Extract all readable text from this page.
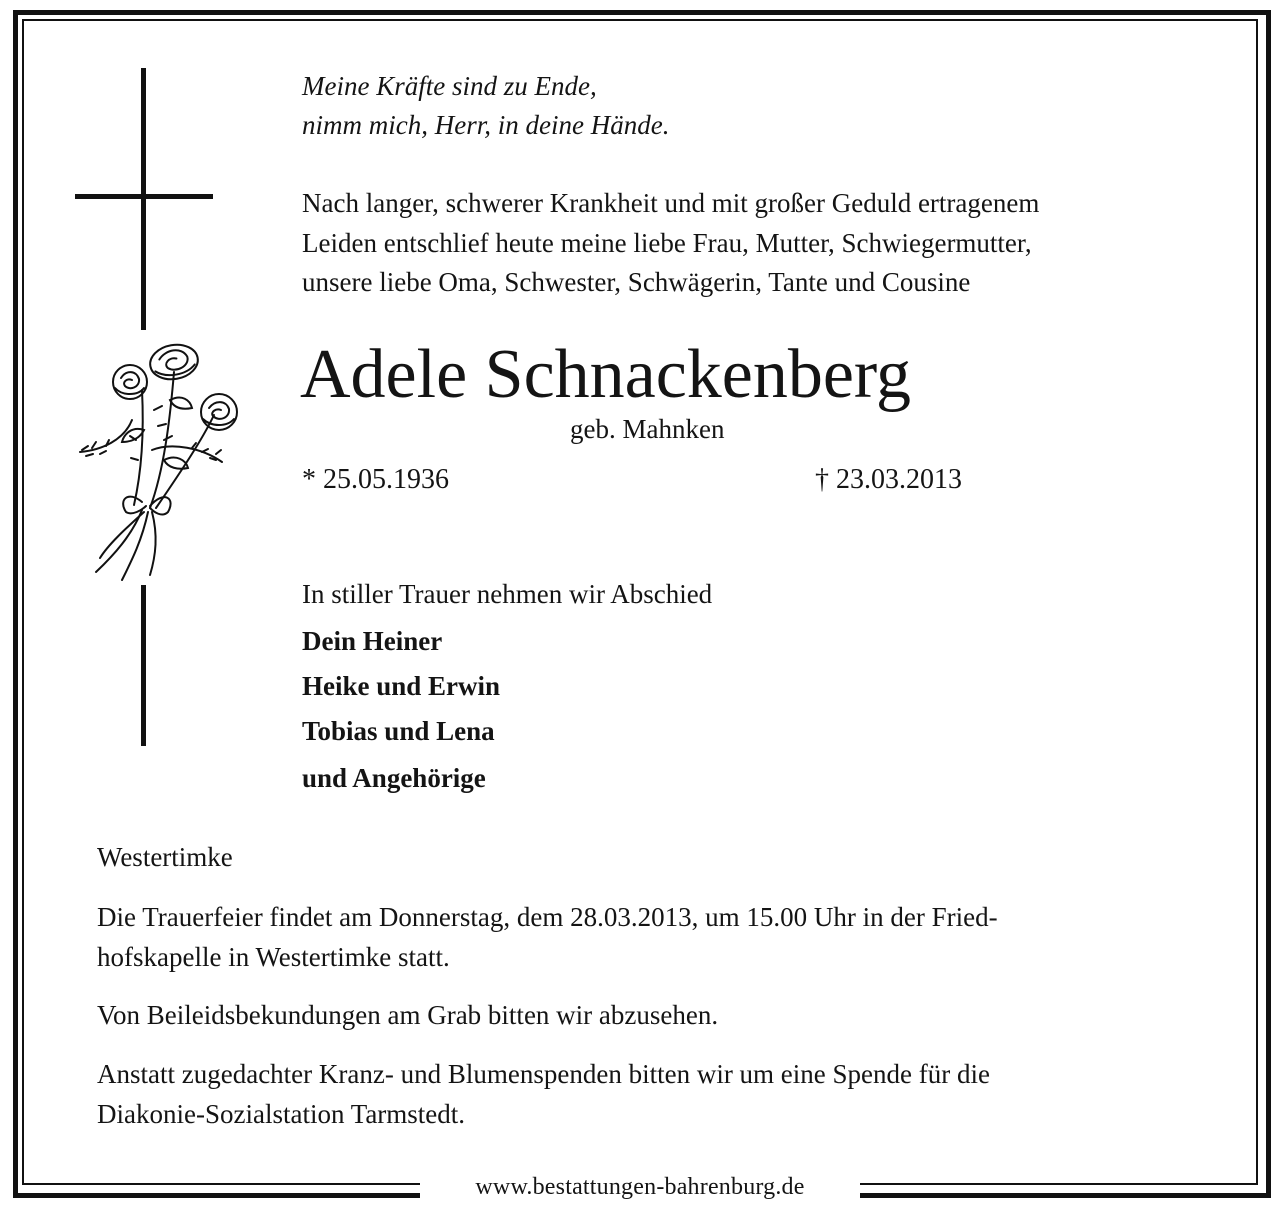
Meine Kräfte sind zu Ende,
nimm mich, Herr, in deine Hände.
Nach langer, schwerer Krankheit und mit großer Geduld ertragenem
Leiden entschlief heute meine liebe Frau, Mutter, Schwiegermutter,
unsere liebe Oma, Schwester, Schwägerin, Tante und Cousine
Adele Schnackenberg
geb. Mahnken
* 25.05.1936	† 23.03.2013
In stiller Trauer nehmen wir Abschied
Dein Heiner
Heike und Erwin
Tobias und Lena
und Angehörige
Westertimke
Die Trauerfeier findet am Donnerstag, dem 28.03.2013, um 15.00 Uhr in der Fried-
hofskapelle in Westertimke statt.
Von Beileidsbekundungen am Grab bitten wir abzusehen.
Anstatt zugedachter Kranz- und Blumenspenden bitten wir um eine Spende für die
Diakonie-Sozialstation Tarmstedt.
www.bestattungen-bahrenburg.de
